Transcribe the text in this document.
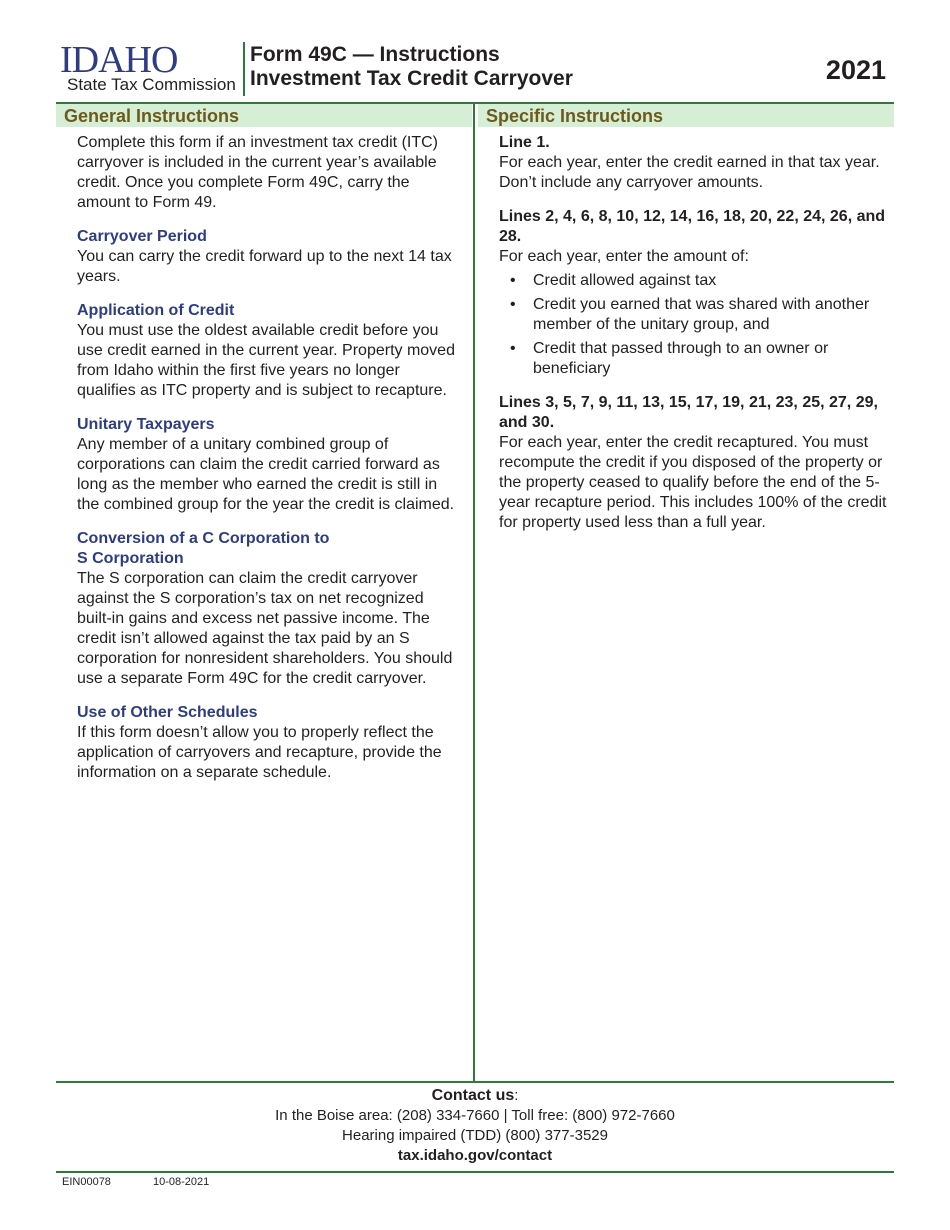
IDAHO
State Tax Commission
Form 49C — Instructions
Investment Tax Credit Carryover	2021
General Instructions	Specific Instructions

Complete this form if an investment tax credit (ITC) carryover is included in the current year’s available credit. Once you complete Form 49C, carry the amount to Form 49.

Carryover Period

You can carry the credit forward up to the next 14 tax years.

Application of Credit

You must use the oldest available credit before you use credit earned in the current year. Property moved from Idaho within the first five years no longer qualifies as ITC property and is subject to recapture.

Unitary Taxpayers

Any member of a unitary combined group of corporations can claim the credit carried forward as long as the member who earned the credit is still in the combined group for the year the credit is claimed.

Conversion of a C Corporation to
S Corporation

The S corporation can claim the credit carryover against the S corporation’s tax on net recognized built-in gains and excess net passive income. The credit isn’t allowed against the tax paid by an S corporation for nonresident shareholders. You should use a separate Form 49C for the credit carryover.

Use of Other Schedules

If this form doesn’t allow you to properly reflect the application of carryovers and recapture, provide the information on a separate schedule.

Line 1.

For each year, enter the credit earned in that tax year. Don’t include any carryover amounts.

Lines 2, 4, 6, 8, 10, 12, 14, 16, 18, 20, 22, 24, 26, and 28.

For each year, enter the amount of:

• Credit allowed against tax
• Credit you earned that was shared with another member of the unitary group, and
• Credit that passed through to an owner or beneficiary
Lines 3, 5, 7, 9, 11, 13, 15, 17, 19, 21, 23, 25, 27, 29, and 30.

For each year, enter the credit recaptured. You must recompute the credit if you disposed of the property or the property ceased to qualify before the end of the 5-year recapture period. This includes 100% of the credit for property used less than a full year.

Contact us:
In the Boise area: (208) 334-7660 | Toll free: (800) 972-7660
Hearing impaired (TDD) (800) 377-3529
tax.idaho.gov/contact
EIN00078	10-08-2021
